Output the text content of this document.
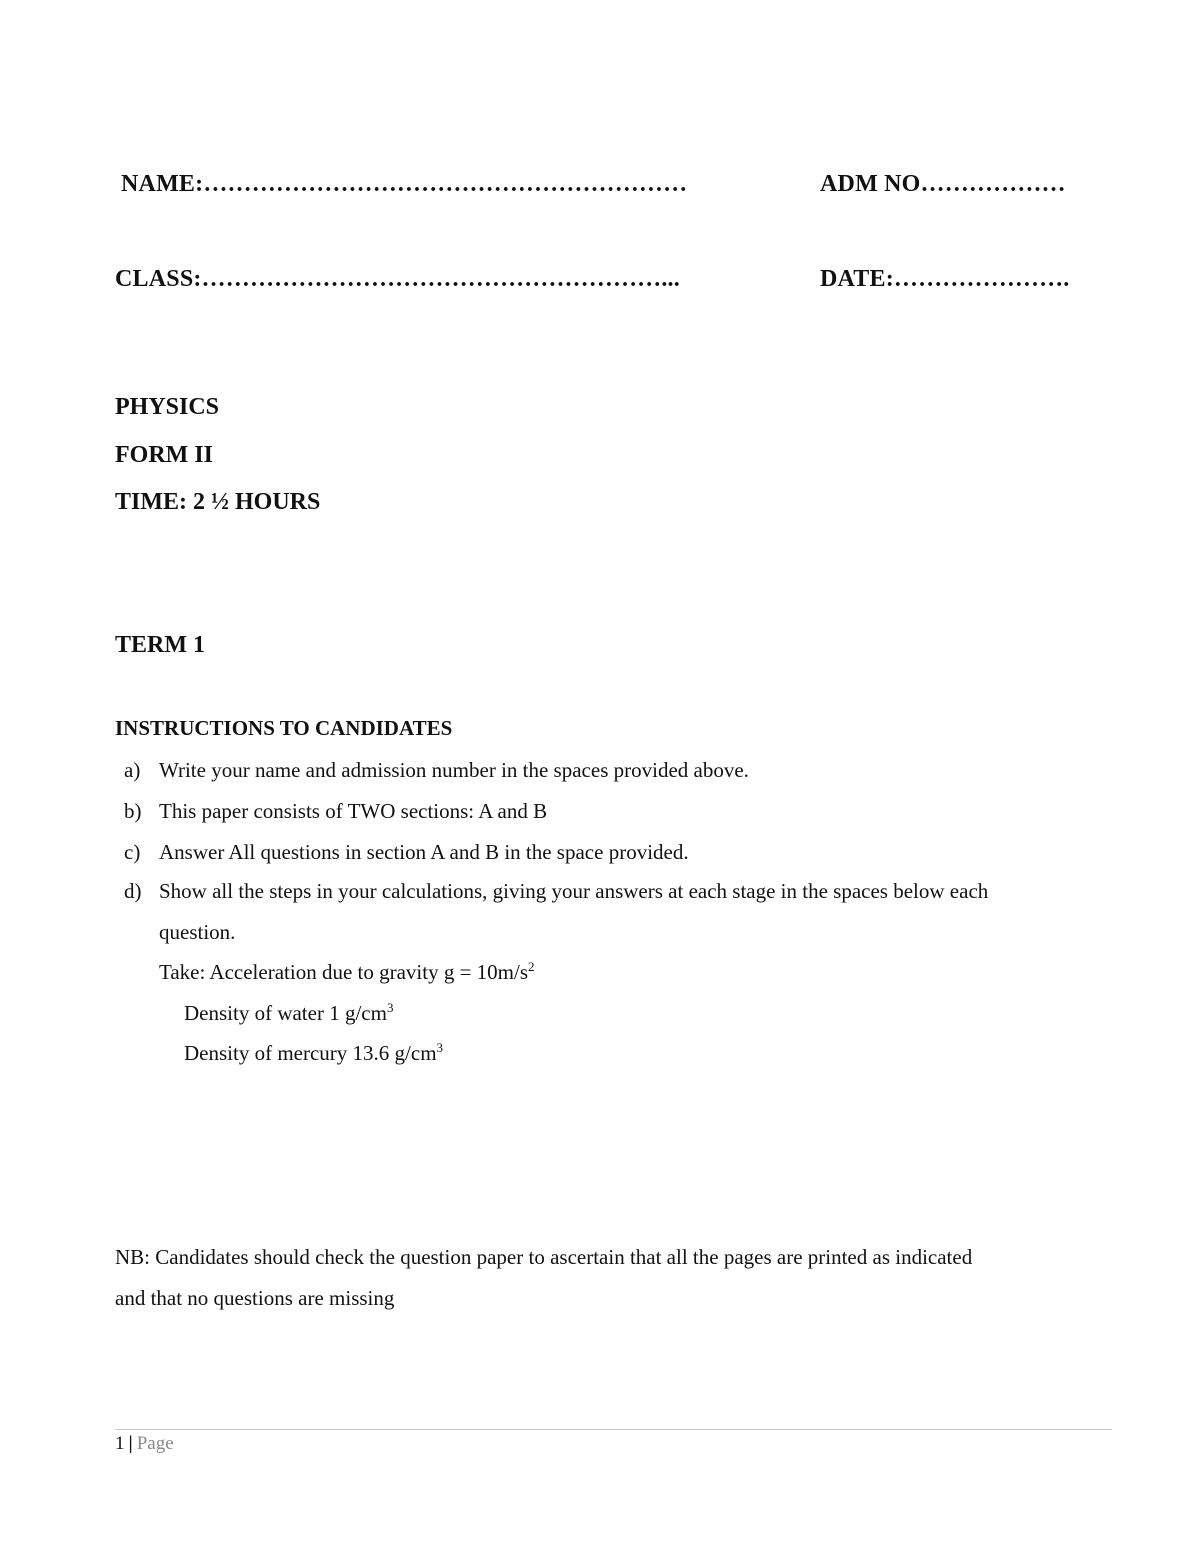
NAME:……………………………………………………	ADM NO………………
CLASS:…………………………………………………...	DATE:………………….
PHYSICS
FORM II
TIME: 2 ½ HOURS
TERM 1
INSTRUCTIONS TO CANDIDATES
a) Write your name and admission number in the spaces provided above.
b) This paper consists of TWO sections: A and B
c) Answer All questions in section A and B in the space provided.
d) Show all the steps in your calculations, giving your answers at each stage in the spaces below each
question.
Take: Acceleration due to gravity $g = 10m/s^2$
Density of water 1 $g/cm^3$
Density of mercury 13.6 $g/cm^3$
NB: Candidates should check the question paper to ascertain that all the pages are printed as indicated
and that no questions are missing
1 | Page
